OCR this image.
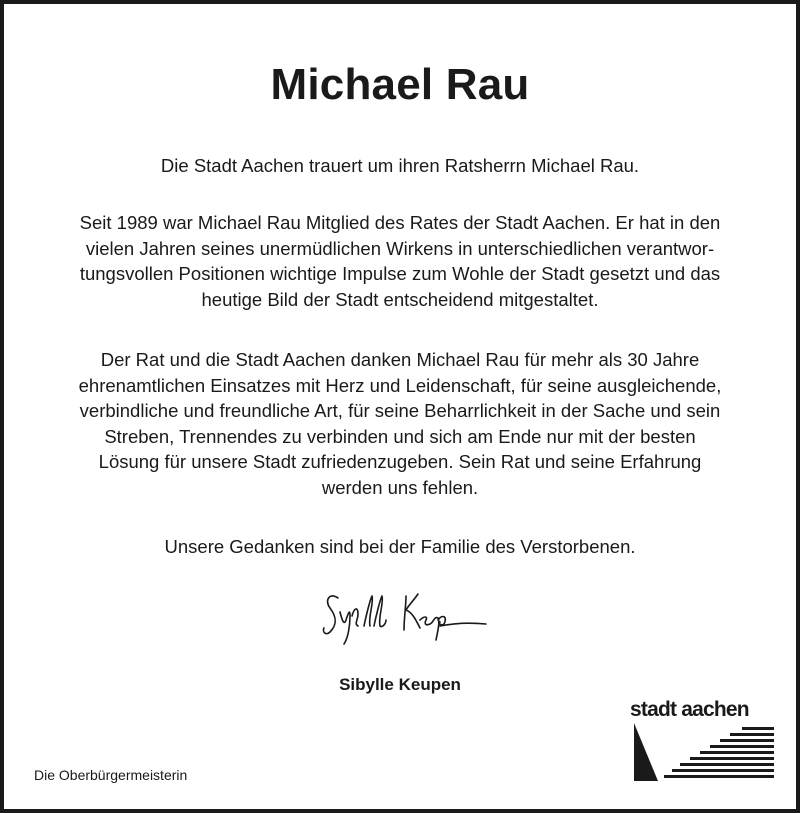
Michael Rau

Die Stadt Aachen trauert um ihren Ratsherrn Michael Rau.

Seit 1989 war Michael Rau Mitglied des Rates der Stadt Aachen. Er hat in den
vielen Jahren seines unermüdlichen Wirkens in unterschiedlichen verantwor-
tungsvollen Positionen wichtige Impulse zum Wohle der Stadt gesetzt und das
heutige Bild der Stadt entscheidend mitgestaltet.

Der Rat und die Stadt Aachen danken Michael Rau für mehr als 30 Jahre
ehrenamtlichen Einsatzes mit Herz und Leidenschaft, für seine ausgleichende,
verbindliche und freundliche Art, für seine Beharrlichkeit in der Sache und sein
Streben, Trennendes zu verbinden und sich am Ende nur mit der besten
Lösung für unsere Stadt zufriedenzugeben. Sein Rat und seine Erfahrung
werden uns fehlen.

Unsere Gedanken sind bei der Familie des Verstorbenen.

Sibylle Keupen

Die Oberbürgermeisterin

stadt aachen
